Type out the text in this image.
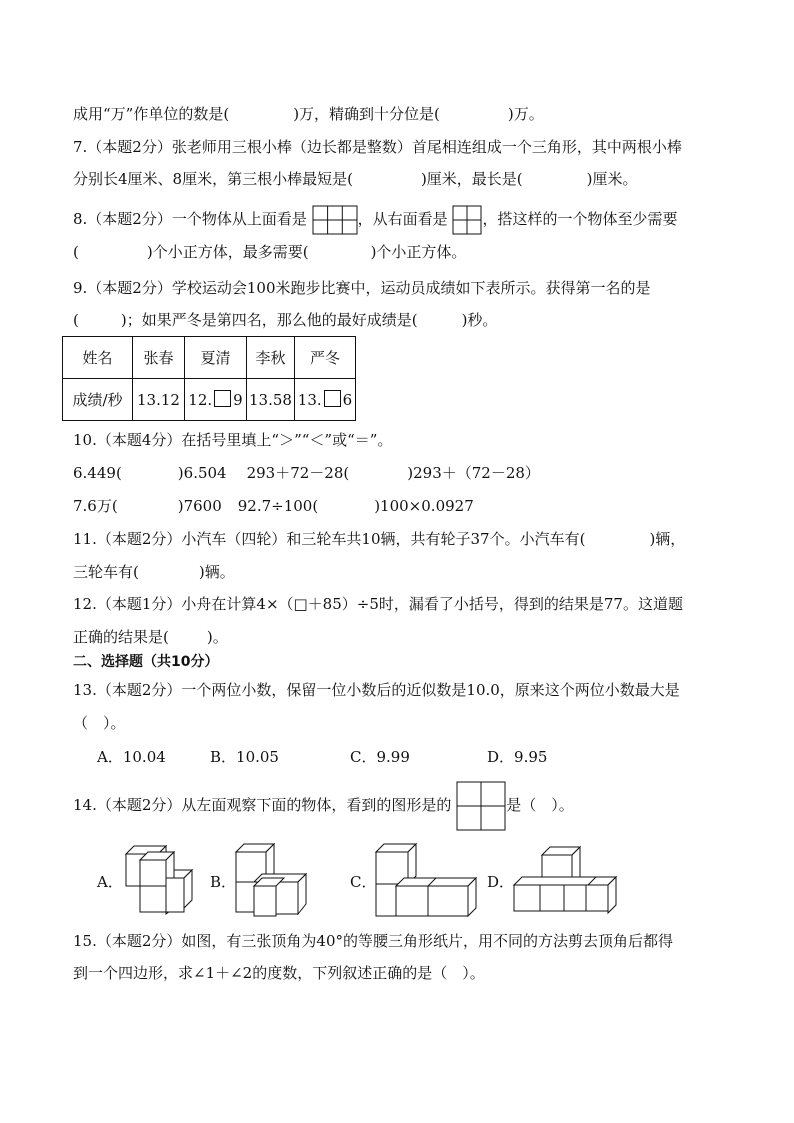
成用“万”作单位的数是(	)万，精确到十分位是(	)万。
7.（本题2分）张老师用三根小棒（边长都是整数）首尾相连组成一个三角形，其中两根小棒
分别长4厘米、8厘米，第三根小棒最短是(	)厘米，最长是(	)厘米。
8.（本题2分）一个物体从上面看是	，从右面看是 ，搭这样的一个物体至少需要
(	)个小正方体，最多需要(	)个小正方体。
9.（本题2分）学校运动会100米跑步比赛中，运动员成绩如下表所示。获得第一名的是
(	)；如果严冬是第四名，那么他的最好成绩是(	)秒。
姓名	张春	夏清	李秋	严冬
成绩/秒	13.12	12. 9	13.58	13. 6
10.（本题4分）在括号里填上“＞”“＜”或“＝”。
6.449(	)6.504 293＋72－28(	)293＋（72－28）
7.6万(	)7600 92.7÷100(	)100×0.0927
11.（本题2分）小汽车（四轮）和三轮车共10辆，共有轮子37个。小汽车有(	)辆，
三轮车有(	)辆。
12.（本题1分）小舟在计算4×（□＋85）÷5时，漏看了小括号，得到的结果是77。这道题
正确的结果是(	)。
二、选择题（共10分）
13.（本题2分）一个两位小数，保留一位小数后的近似数是10.0，原来这个两位小数最大是
（　）。
A．10.04	B．10.05	C．9.99	D．9.95
14.（本题2分）从左面观察下面的物体，看到的图形是的	是（　）。
A．	B．	C．	D．
15.（本题2分）如图，有三张顶角为40°的等腰三角形纸片，用不同的方法剪去顶角后都得
到一个四边形，求∠1＋∠2的度数，下列叙述正确的是（　）。
